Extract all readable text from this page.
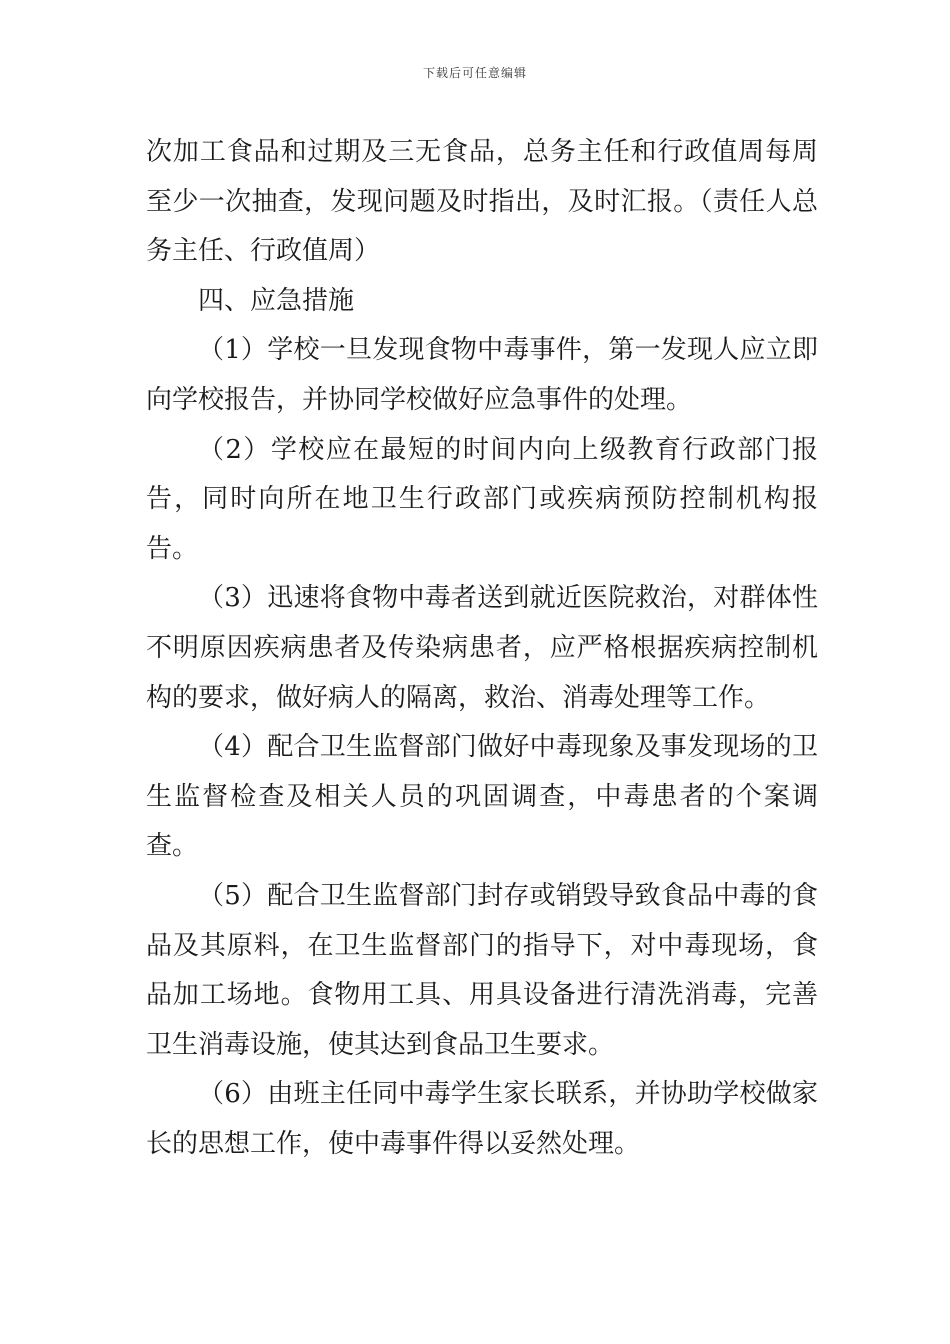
下载后可任意编辑

次加工食品和过期及三无食品，总务主任和行政值周每周至少一次抽查，发现问题及时指出，及时汇报。（责任人总务主任、行政值周）

四、应急措施

（1）学校一旦发现食物中毒事件，第一发现人应立即向学校报告，并协同学校做好应急事件的处理。

（2）学校应在最短的时间内向上级教育行政部门报告，同时向所在地卫生行政部门或疾病预防控制机构报告。

（3）迅速将食物中毒者送到就近医院救治，对群体性不明原因疾病患者及传染病患者，应严格根据疾病控制机构的要求，做好病人的隔离，救治、消毒处理等工作。

（4）配合卫生监督部门做好中毒现象及事发现场的卫生监督检查及相关人员的巩固调查，中毒患者的个案调查。

（5）配合卫生监督部门封存或销毁导致食品中毒的食品及其原料，在卫生监督部门的指导下，对中毒现场，食品加工场地。食物用工具、用具设备进行清洗消毒，完善卫生消毒设施，使其达到食品卫生要求。

（6）由班主任同中毒学生家长联系，并协助学校做家长的思想工作，使中毒事件得以妥然处理。
